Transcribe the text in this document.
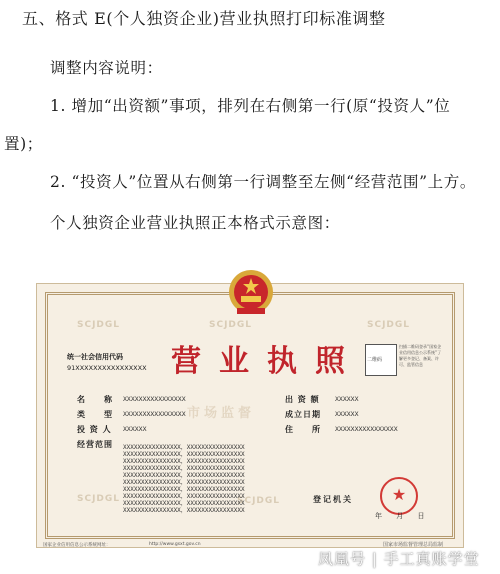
五、格式 E(个人独资企业)营业执照打印标准调整
调整内容说明：
1. 增加“出资额”事项，排列在右侧第一行(原“投资人”位
置)；
2. “投资人”位置从右侧第一行调整至左侧“经营范围”上方。
个人独资企业营业执照正本格式示意图：
SCJDGL	SCJDGL	SCJDGL
SCJDGL	SCJDGL
市场监督
营业执照
统一社会信用代码
91XXXXXXXXXXXXXXXX
二维码
扫描二维码登录“国家企业信用信息公示系统”了解更多登记、备案、许可、监管信息
名　　称 XXXXXXXXXXXXXXXX
类　　型 XXXXXXXXXXXXXXXX
投 资 人 XXXXXX
经营范围 XXXXXXXXXXXXXXXX，XXXXXXXXXXXXXXXX
XXXXXXXXXXXXXXXX，XXXXXXXXXXXXXXXX
XXXXXXXXXXXXXXXX，XXXXXXXXXXXXXXXX
XXXXXXXXXXXXXXXX，XXXXXXXXXXXXXXXX
XXXXXXXXXXXXXXXX，XXXXXXXXXXXXXXXX
XXXXXXXXXXXXXXXX，XXXXXXXXXXXXXXXX
XXXXXXXXXXXXXXXX，XXXXXXXXXXXXXXXX
XXXXXXXXXXXXXXXX，XXXXXXXXXXXXXXXX
XXXXXXXXXXXXXXXX，XXXXXXXXXXXXXXXX
XXXXXXXXXXXXXXXX，XXXXXXXXXXXXXXXX
出 资 额 XXXXXX
成立日期 XXXXXX
住　　所 XXXXXXXXXXXXXXXX
登记机关	★
年 月 日
国家企业信用信息公示系统网址：	http://www.gsxt.gov.cn	国家市场监督管理总局监制
凤凰号 | 手工真账学堂
